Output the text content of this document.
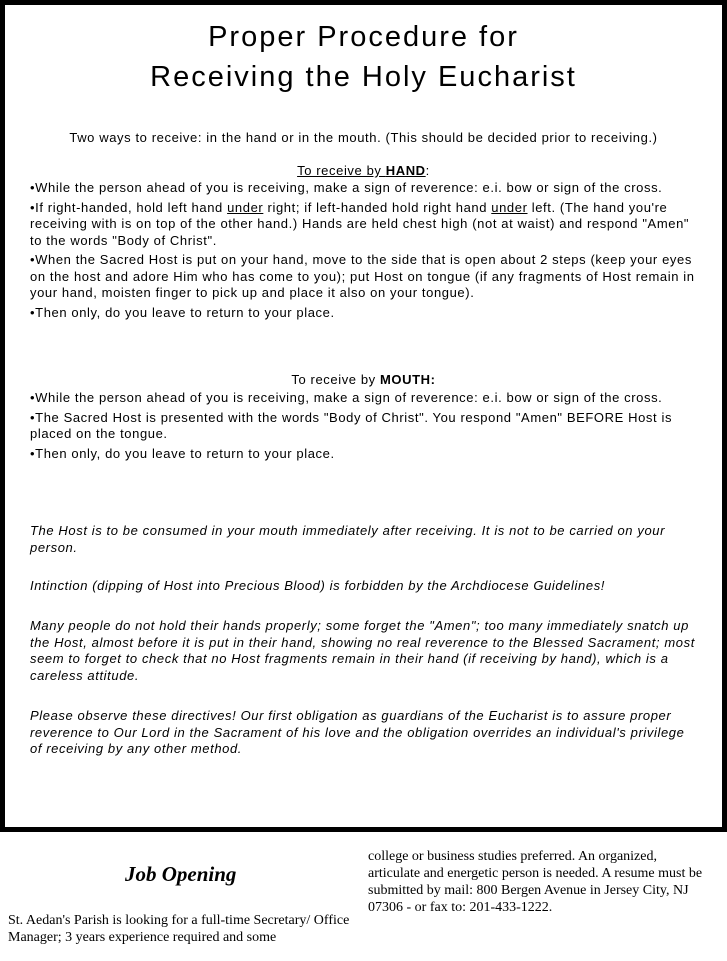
Proper Procedure for
Receiving the Holy Eucharist
Two ways to receive: in the hand or in the mouth. (This should be decided prior to receiving.)
To receive by HAND:

•While the person ahead of you is receiving, make a sign of reverence: e.i. bow or sign of the cross.

•If right-handed, hold left hand under right; if left-handed hold right hand under left. (The hand you're receiving with is on top of the other hand.) Hands are held chest high (not at waist) and respond "Amen" to the words "Body of Christ".

•When the Sacred Host is put on your hand, move to the side that is open about 2 steps (keep your eyes on the host and adore Him who has come to you); put Host on tongue (if any fragments of Host remain in your hand, moisten finger to pick up and place it also on your tongue).

•Then only, do you leave to return to your place.

To receive by MOUTH:

•While the person ahead of you is receiving, make a sign of reverence: e.i. bow or sign of the cross.

•The Sacred Host is presented with the words "Body of Christ". You respond "Amen" BEFORE Host is placed on the tongue.

•Then only, do you leave to return to your place.

The Host is to be consumed in your mouth immediately after receiving. It is not to be carried on your person.

Intinction (dipping of Host into Precious Blood) is forbidden by the Archdiocese Guidelines!

Many people do not hold their hands properly; some forget the "Amen"; too many immediately snatch up the Host, almost before it is put in their hand, showing no real reverence to the Blessed Sacrament; most seem to forget to check that no Host fragments remain in their hand (if receiving by hand), which is a careless attitude.

Please observe these directives! Our first obligation as guardians of the Eucharist is to assure proper reverence to Our Lord in the Sacrament of his love and the obligation overrides an individual's privilege of receiving by any other method.

Job Opening
St. Aedan's Parish is looking for a full-time Secretary/ Office Manager; 3 years experience required and some
college or business studies preferred. An organized, articulate and energetic person is needed. A resume must be submitted by mail: 800 Bergen Avenue in Jersey City, NJ 07306 - or fax to: 201-433-1222.
